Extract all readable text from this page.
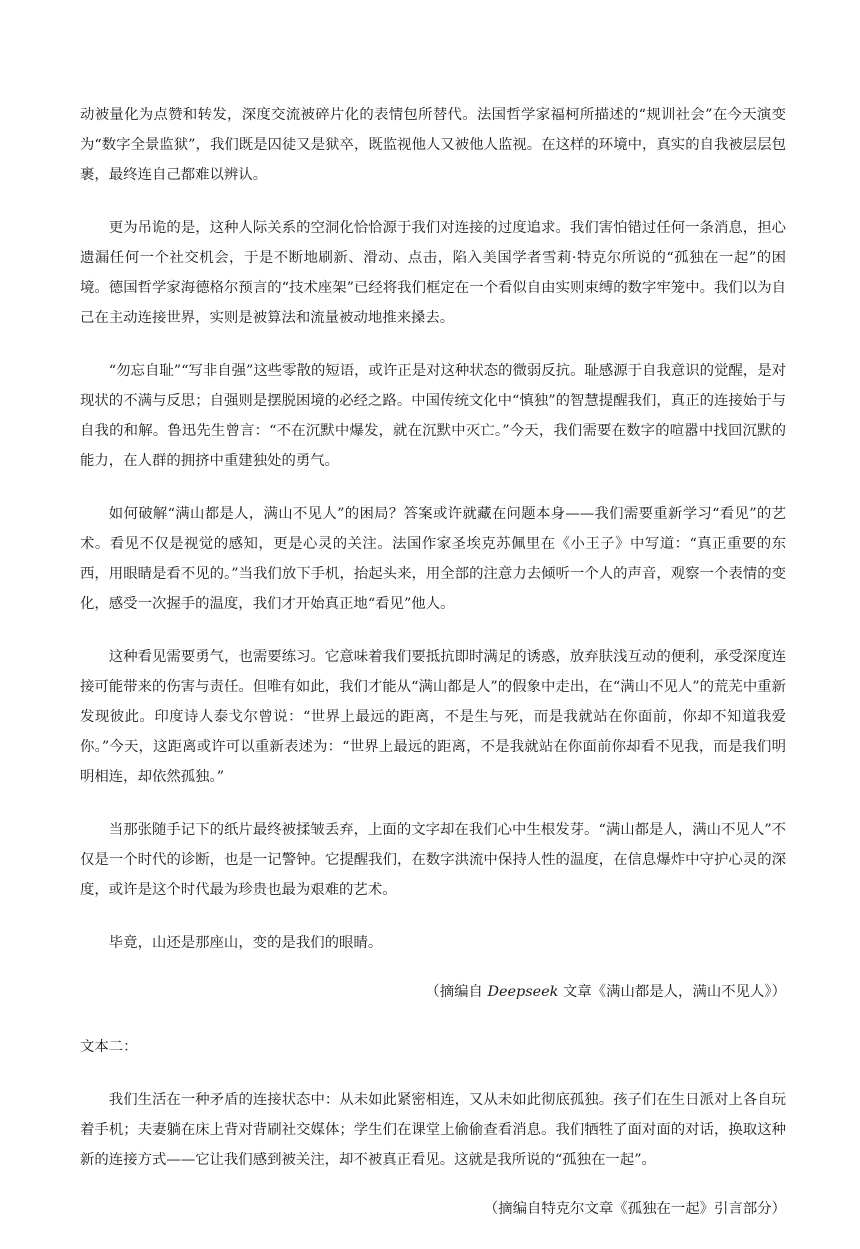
动被量化为点赞和转发，深度交流被碎片化的表情包所替代。法国哲学家福柯所描述的“规训社会”在今天演变为“数字全景监狱”，我们既是囚徒又是狱卒，既监视他人又被他人监视。在这样的环境中，真实的自我被层层包裹，最终连自己都难以辨认。

更为吊诡的是，这种人际关系的空洞化恰恰源于我们对连接的过度追求。我们害怕错过任何一条消息，担心遗漏任何一个社交机会，于是不断地刷新、滑动、点击，陷入美国学者雪莉·特克尔所说的“孤独在一起”的困境。德国哲学家海德格尔预言的“技术座架”已经将我们框定在一个看似自由实则束缚的数字牢笼中。我们以为自己在主动连接世界，实则是被算法和流量被动地推来搡去。

“勿忘自耻”“写非自强”这些零散的短语，或许正是对这种状态的微弱反抗。耻感源于自我意识的觉醒，是对现状的不满与反思；自强则是摆脱困境的必经之路。中国传统文化中“慎独”的智慧提醒我们，真正的连接始于与自我的和解。鲁迅先生曾言：“不在沉默中爆发，就在沉默中灭亡。”今天，我们需要在数字的喧嚣中找回沉默的能力，在人群的拥挤中重建独处的勇气。

如何破解“满山都是人，满山不见人”的困局？答案或许就藏在问题本身——我们需要重新学习“看见”的艺术。看见不仅是视觉的感知，更是心灵的关注。法国作家圣埃克苏佩里在《小王子》中写道：“真正重要的东西，用眼睛是看不见的。”当我们放下手机，抬起头来，用全部的注意力去倾听一个人的声音，观察一个表情的变化，感受一次握手的温度，我们才开始真正地“看见”他人。

这种看见需要勇气，也需要练习。它意味着我们要抵抗即时满足的诱惑，放弃肤浅互动的便利，承受深度连接可能带来的伤害与责任。但唯有如此，我们才能从“满山都是人”的假象中走出，在“满山不见人”的荒芜中重新发现彼此。印度诗人泰戈尔曾说：“世界上最远的距离，不是生与死，而是我就站在你面前，你却不知道我爱你。”今天，这距离或许可以重新表述为：“世界上最远的距离，不是我就站在你面前你却看不见我，而是我们明明相连，却依然孤独。”

当那张随手记下的纸片最终被揉皱丢弃，上面的文字却在我们心中生根发芽。“满山都是人，满山不见人”不仅是一个时代的诊断，也是一记警钟。它提醒我们，在数字洪流中保持人性的温度，在信息爆炸中守护心灵的深度，或许是这个时代最为珍贵也最为艰难的艺术。

毕竟，山还是那座山，变的是我们的眼睛。

（摘编自 Deepseek 文章《满山都是人，满山不见人》）

文本二：

我们生活在一种矛盾的连接状态中：从未如此紧密相连，又从未如此彻底孤独。孩子们在生日派对上各自玩着手机；夫妻躺在床上背对背刷社交媒体；学生们在课堂上偷偷查看消息。我们牺牲了面对面的对话，换取这种新的连接方式——它让我们感到被关注，却不被真正看见。这就是我所说的“孤独在一起”。

（摘编自特克尔文章《孤独在一起》引言部分）
